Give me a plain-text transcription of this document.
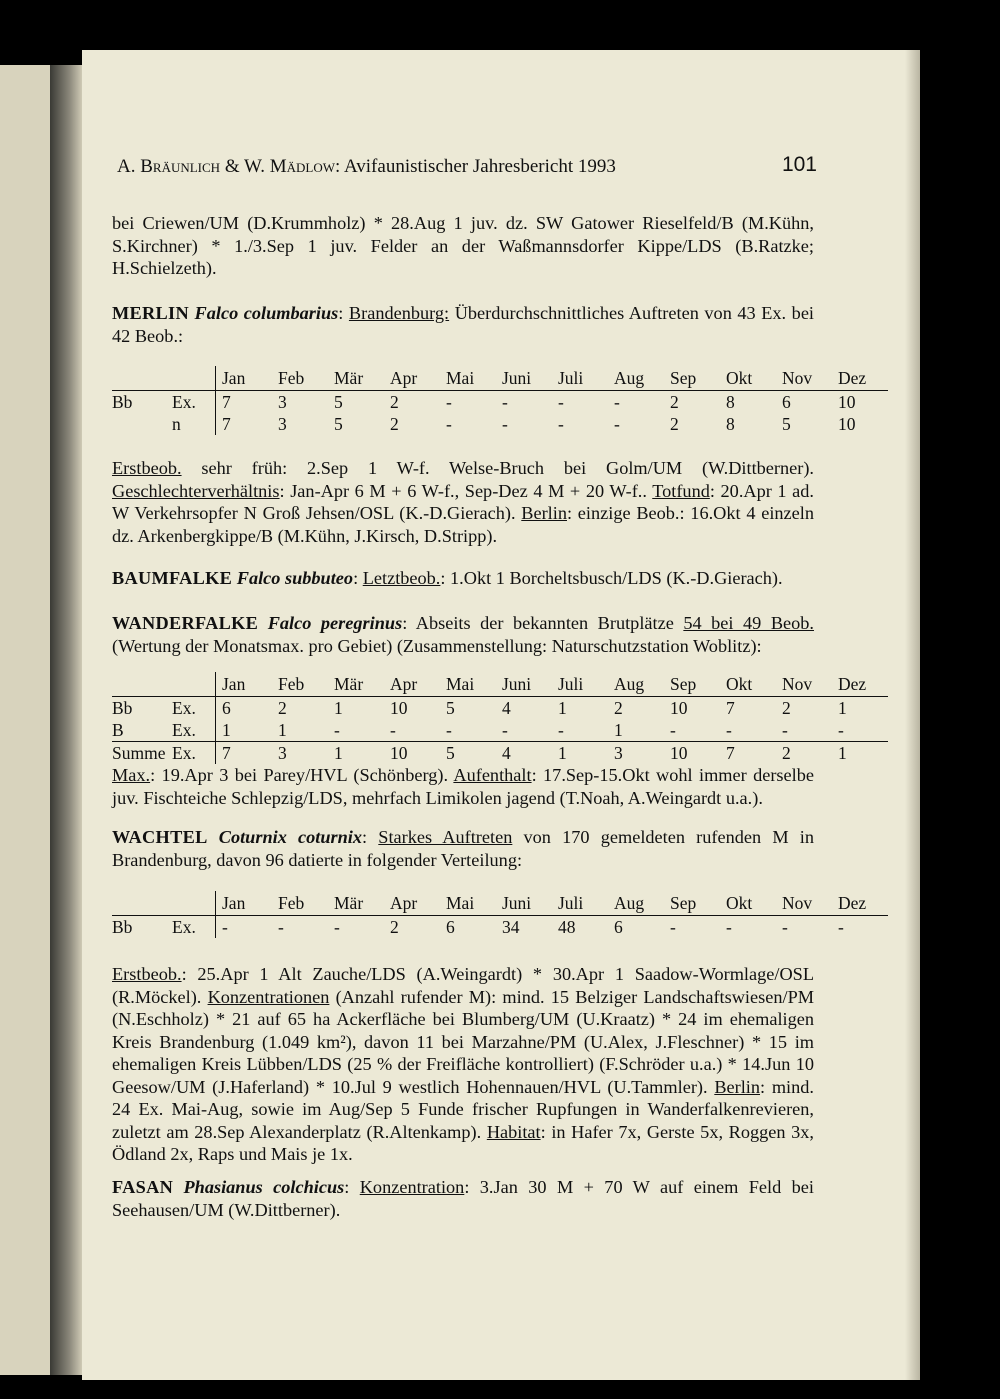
A. Bräunlich & W. Mädlow: Avifaunistischer Jahresbericht 1993	101
bei Criewen/UM (D.Krummholz) * 28.Aug 1 juv. dz. SW Gatower Rieselfeld/B (M.Kühn, S.Kirchner) * 1./3.Sep 1 juv. Felder an der Waßmannsdorfer Kippe/LDS (B.Ratzke; H.Schielzeth).
MERLIN Falco columbarius: Brandenburg: Überdurchschnittliches Auftreten von 43 Ex. bei 42 Beob.:
		Jan	Feb	Mär	Apr	Mai	Juni	Juli	Aug	Sep	Okt	Nov	Dez
Bb	Ex.	7	3	5	2	-	-	-	-	2	8	6	10
	n	7	3	5	2	-	-	-	-	2	8	5	10
Erstbeob. sehr früh: 2.Sep 1 W-f. Welse-Bruch bei Golm/UM (W.Dittberner). Geschlechterverhältnis: Jan-Apr 6 M + 6 W-f., Sep-Dez 4 M + 20 W-f.. Totfund: 20.Apr 1 ad. W Verkehrsopfer N Groß Jehsen/OSL (K.-D.Gierach). Berlin: einzige Beob.: 16.Okt 4 einzeln dz. Arkenbergkippe/B (M.Kühn, J.Kirsch, D.Stripp).
BAUMFALKE Falco subbuteo: Letztbeob.: 1.Okt 1 Borcheltsbusch/LDS (K.-D.Gierach).
WANDERFALKE Falco peregrinus: Abseits der bekannten Brutplätze 54 bei 49 Beob. (Wertung der Monatsmax. pro Gebiet) (Zusammenstellung: Naturschutzstation Woblitz):
		Jan	Feb	Mär	Apr	Mai	Juni	Juli	Aug	Sep	Okt	Nov	Dez
Bb	Ex.	6	2	1	10	5	4	1	2	10	7	2	1
B	Ex.	1	1	-	-	-	-	-	1	-	-	-	-
Summe	Ex.	7	3	1	10	5	4	1	3	10	7	2	1
Max.: 19.Apr 3 bei Parey/HVL (Schönberg). Aufenthalt: 17.Sep-15.Okt wohl immer derselbe juv. Fischteiche Schlepzig/LDS, mehrfach Limikolen jagend (T.Noah, A.Weingardt u.a.).
WACHTEL Coturnix coturnix: Starkes Auftreten von 170 gemeldeten rufenden M in Brandenburg, davon 96 datierte in folgender Verteilung:
		Jan	Feb	Mär	Apr	Mai	Juni	Juli	Aug	Sep	Okt	Nov	Dez
Bb	Ex.	-	-	-	2	6	34	48	6	-	-	-	-
Erstbeob.: 25.Apr 1 Alt Zauche/LDS (A.Weingardt) * 30.Apr 1 Saadow-Wormlage/OSL (R.Möckel). Konzentrationen (Anzahl rufender M): mind. 15 Belziger Landschaftswiesen/PM (N.Eschholz) * 21 auf 65 ha Ackerfläche bei Blumberg/UM (U.Kraatz) * 24 im ehemaligen Kreis Brandenburg (1.049 km²), davon 11 bei Marzahne/PM (U.Alex, J.Fleschner) * 15 im ehemaligen Kreis Lübben/LDS (25 % der Freifläche kontrolliert) (F.Schröder u.a.) * 14.Jun 10 Geesow/UM (J.Haferland) * 10.Jul 9 westlich Hohennauen/HVL (U.Tammler). Berlin: mind. 24 Ex. Mai-Aug, sowie im Aug/Sep 5 Funde frischer Rupfungen in Wanderfalkenrevieren, zuletzt am 28.Sep Alexanderplatz (R.Altenkamp). Habitat: in Hafer 7x, Gerste 5x, Roggen 3x, Ödland 2x, Raps und Mais je 1x.
FASAN Phasianus colchicus: Konzentration: 3.Jan 30 M + 70 W auf einem Feld bei Seehausen/UM (W.Dittberner).
